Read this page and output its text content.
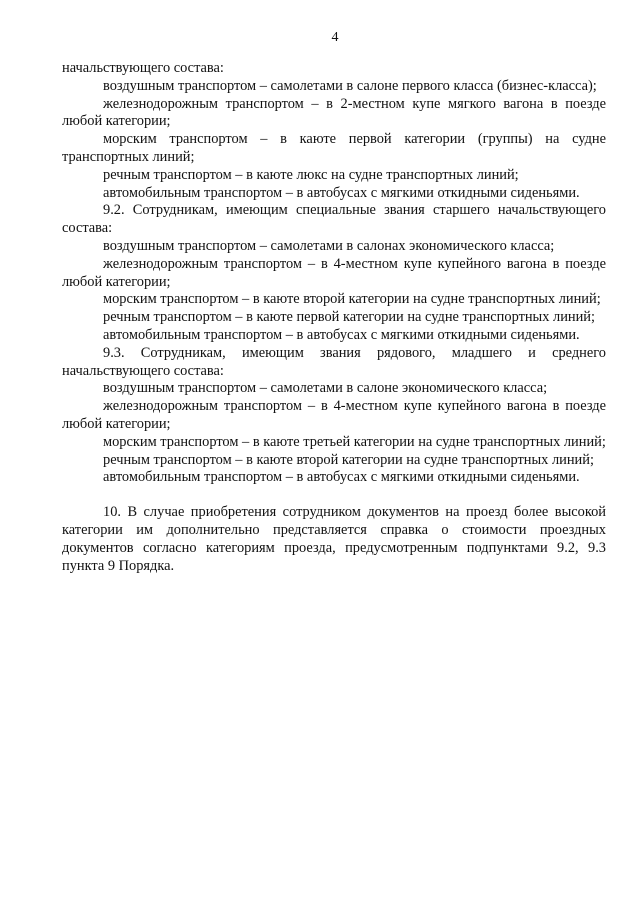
4

начальствующего состава:

воздушным транспортом – самолетами в салоне первого класса (бизнес-класса);

железнодорожным транспортом – в 2-местном купе мягкого вагона в поезде любой категории;

морским транспортом – в каюте первой категории (группы) на судне транспортных линий;

речным транспортом – в каюте люкс на судне транспортных линий;

автомобильным транспортом – в автобусах с мягкими откидными сиденьями.

9.2. Сотрудникам, имеющим специальные звания старшего начальствующего состава:

воздушным транспортом – самолетами в салонах экономического класса;

железнодорожным транспортом – в 4-местном купе купейного вагона в поезде любой категории;

морским транспортом – в каюте второй категории на судне транспортных линий;

речным транспортом – в каюте первой категории на судне транспортных линий;

автомобильным транспортом – в автобусах с мягкими откидными сиденьями.

9.3. Сотрудникам, имеющим звания рядового, младшего и среднего начальствующего состава:

воздушным транспортом – самолетами в салоне экономического класса;

железнодорожным транспортом – в 4-местном купе купейного вагона в поезде любой категории;

морским транспортом – в каюте третьей категории на судне транспортных линий;

речным транспортом – в каюте второй категории на судне транспортных линий;

автомобильным транспортом – в автобусах с мягкими откидными сиденьями.

10. В случае приобретения сотрудником документов на проезд более высокой категории им дополнительно представляется справка о стоимости проездных документов согласно категориям проезда, предусмотренным подпунктами 9.2, 9.3 пункта 9 Порядка.
